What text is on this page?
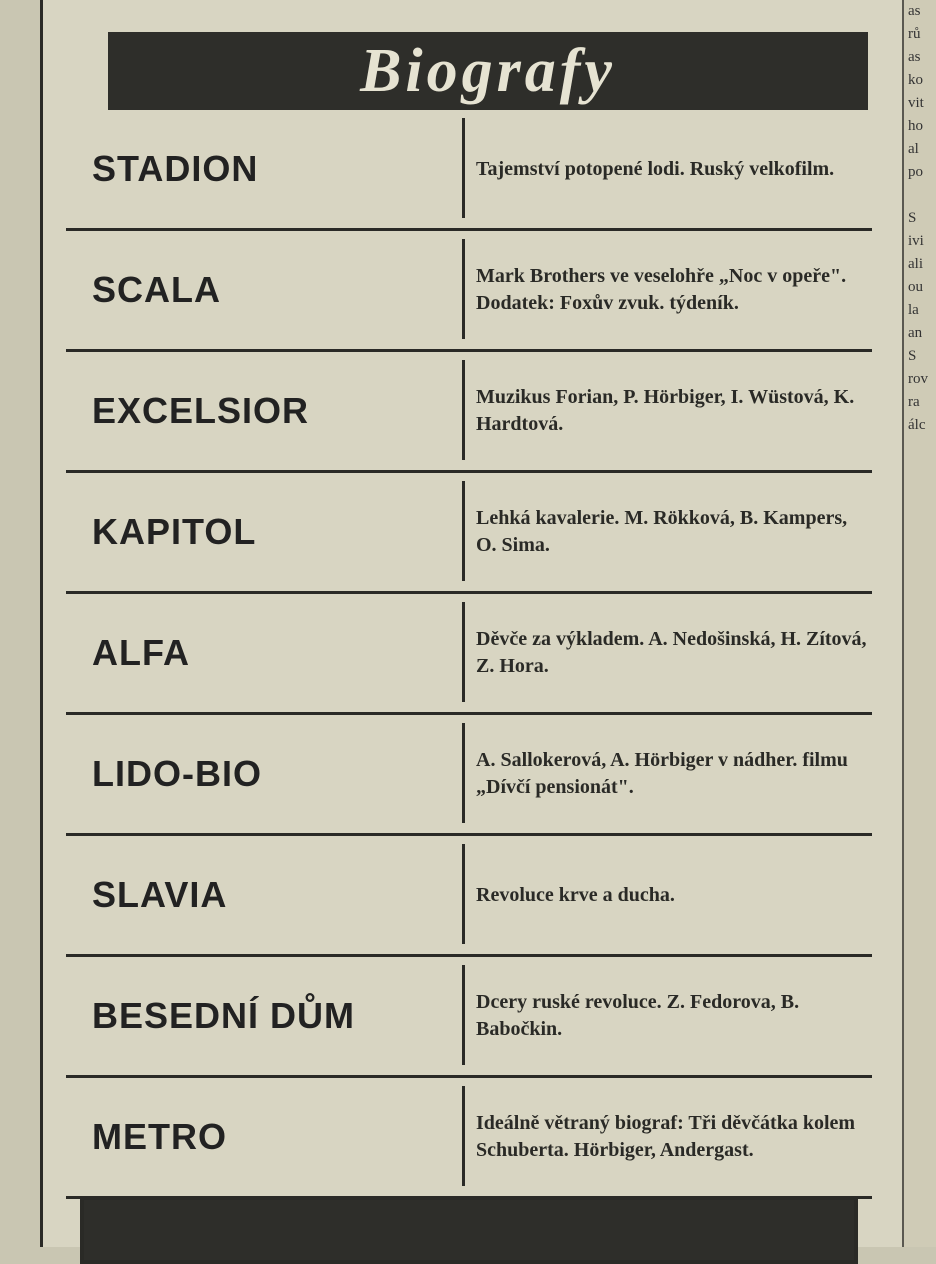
as
rů
as
ko
vit
ho
al
po

S
ivi
ali
ou
la
an
S
rov
ra
álc
Biografy
STADION	Tajemství potopené lodi. Ruský velkofilm.
SCALA	Mark Brothers ve veselohře „Noc v opeře". Dodatek: Foxův zvuk. týdeník.
EXCELSIOR	Muzikus Forian, P. Hörbiger, I. Wüstová, K. Hardtová.
KAPITOL	Lehká kavalerie. M. Rökková, B. Kampers, O. Sima.
ALFA	Děvče za výkladem. A. Nedošinská, H. Zítová, Z. Hora.
LIDO-BIO	A. Sallokerová, A. Hörbiger v nádher. filmu „Dívčí pensionát".
SLAVIA	Revoluce krve a ducha.
BESEDNÍ DŮM	Dcery ruské revoluce. Z. Fedorova, B. Babočkin.
METRO	Ideálně větraný biograf: Tři děvčátka kolem Schuberta. Hörbiger, Andergast.
